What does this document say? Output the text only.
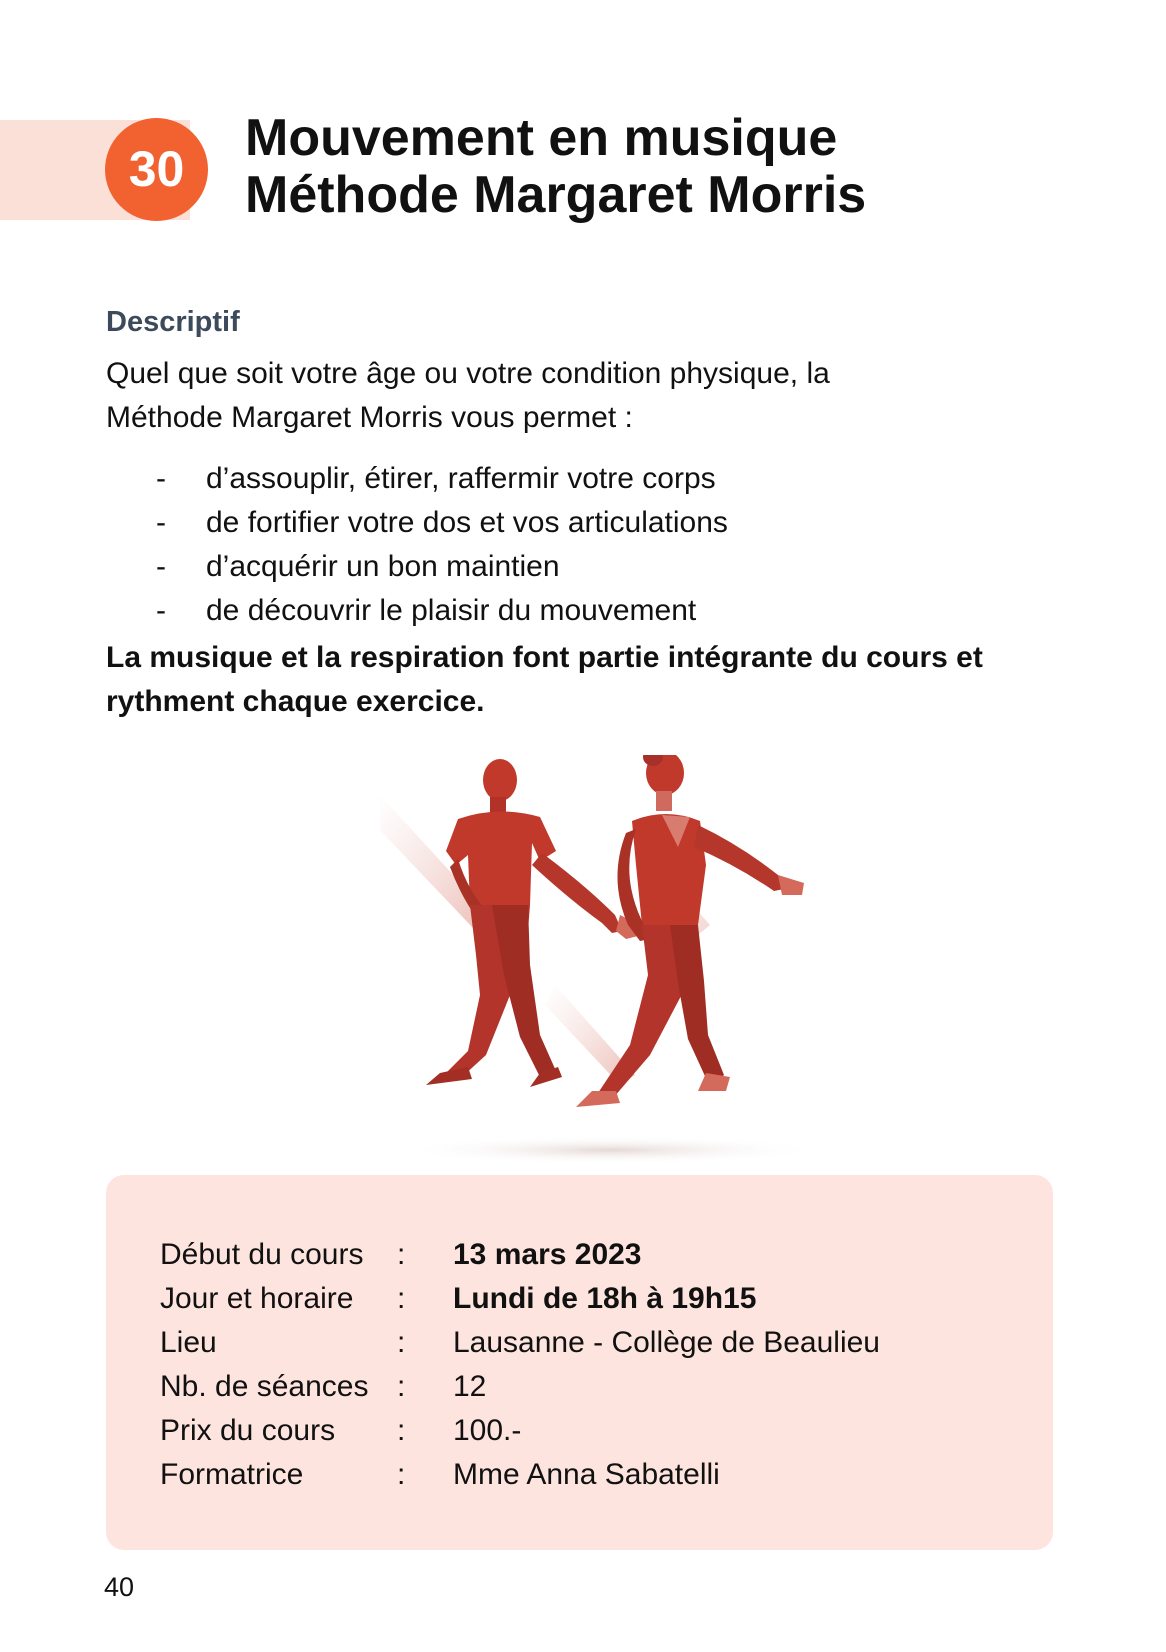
30
Mouvement en musique
Méthode Margaret Morris
Descriptif

Quel que soit votre âge ou votre condition physique, la
Méthode Margaret Morris vous permet :

- d’assouplir, étirer, raffermir votre corps
- de fortifier votre dos et vos articulations
- d’acquérir un bon maintien
- de découvrir le plaisir du mouvement

La musique et la respiration font partie intégrante du cours et rythment chaque exercice.

Début du cours	:	13 mars 2023
Jour et horaire	:	Lundi de 18h à 19h15
Lieu	:	Lausanne - Collège de Beaulieu
Nb. de séances	:	12
Prix du cours	:	100.-
Formatrice	:	Mme Anna Sabatelli
40
